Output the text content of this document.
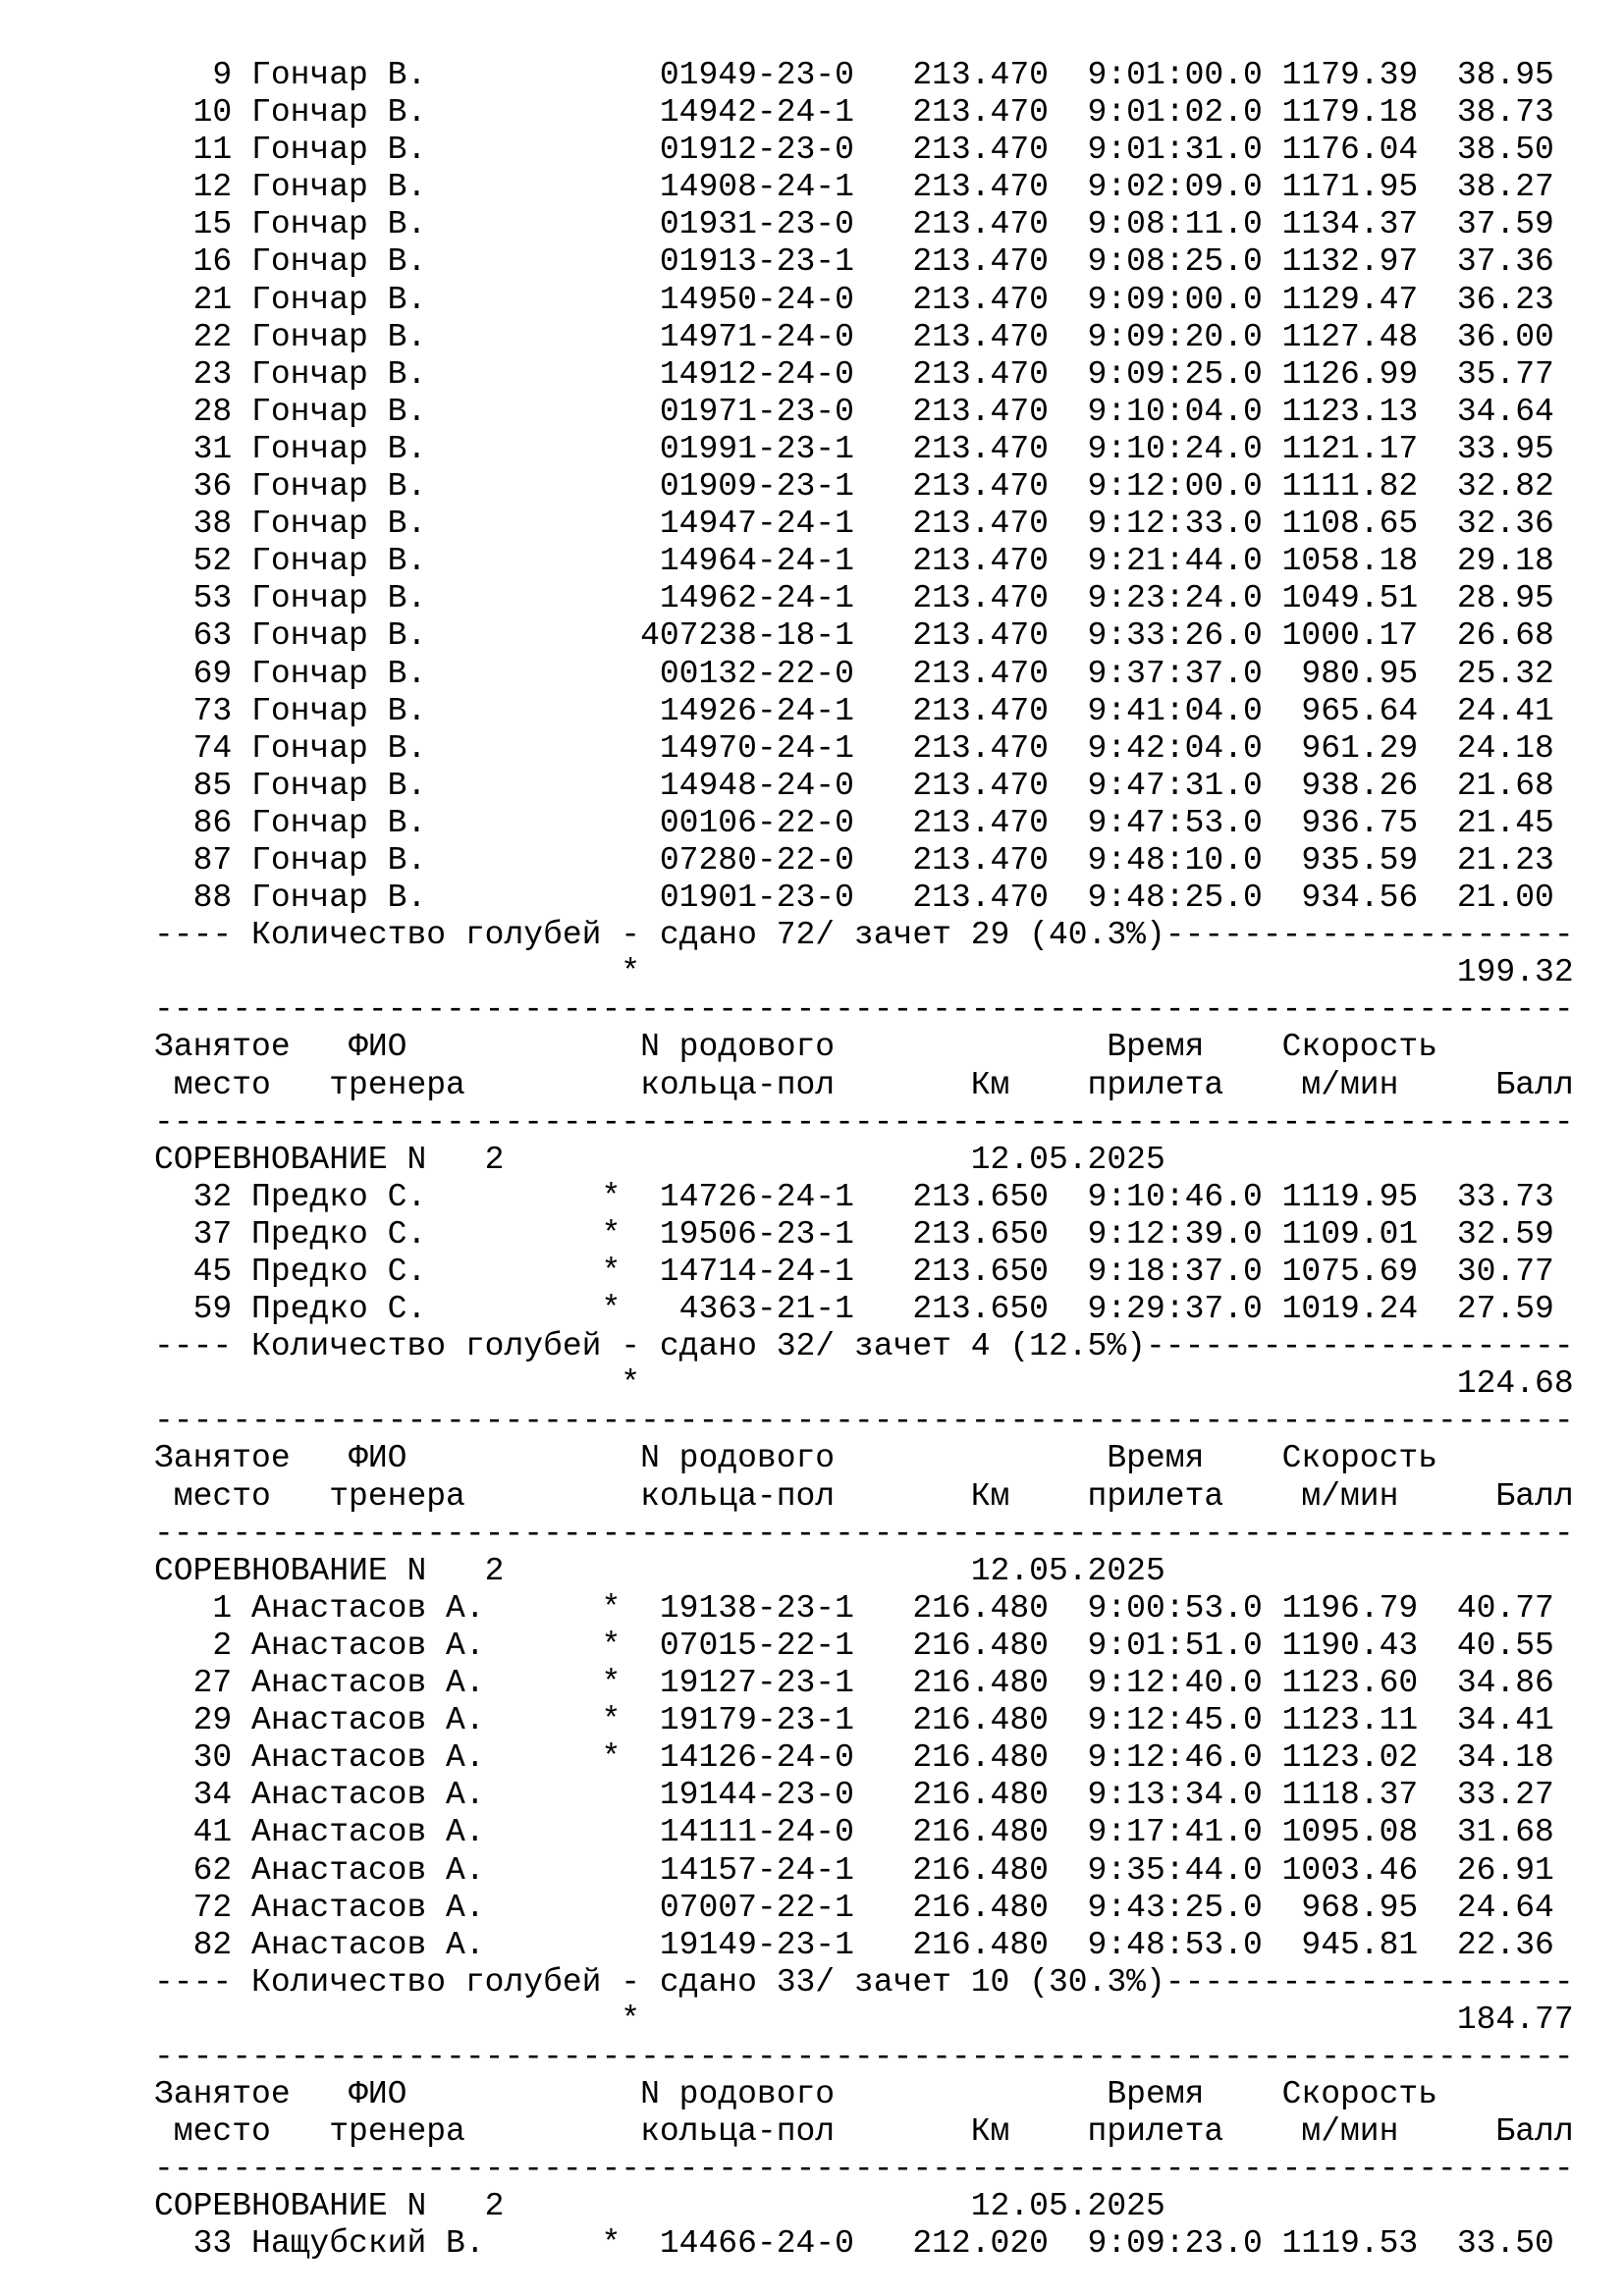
9 Гончар В.            01949-23-0   213.470  9:01:00.0 1179.39  38.95
10 Гончар В.            14942-24-1   213.470  9:01:02.0 1179.18  38.73
11 Гончар В.            01912-23-0   213.470  9:01:31.0 1176.04  38.50
12 Гончар В.            14908-24-1   213.470  9:02:09.0 1171.95  38.27
15 Гончар В.            01931-23-0   213.470  9:08:11.0 1134.37  37.59
16 Гончар В.            01913-23-1   213.470  9:08:25.0 1132.97  37.36
21 Гончар В.            14950-24-0   213.470  9:09:00.0 1129.47  36.23
22 Гончар В.            14971-24-0   213.470  9:09:20.0 1127.48  36.00
23 Гончар В.            14912-24-0   213.470  9:09:25.0 1126.99  35.77
28 Гончар В.            01971-23-0   213.470  9:10:04.0 1123.13  34.64
31 Гончар В.            01991-23-1   213.470  9:10:24.0 1121.17  33.95
36 Гончар В.            01909-23-1   213.470  9:12:00.0 1111.82  32.82
38 Гончар В.            14947-24-1   213.470  9:12:33.0 1108.65  32.36
52 Гончар В.            14964-24-1   213.470  9:21:44.0 1058.18  29.18
53 Гончар В.            14962-24-1   213.470  9:23:24.0 1049.51  28.95
63 Гончар В.           407238-18-1   213.470  9:33:26.0 1000.17  26.68
69 Гончар В.            00132-22-0   213.470  9:37:37.0  980.95  25.32
73 Гончар В.            14926-24-1   213.470  9:41:04.0  965.64  24.41
74 Гончар В.            14970-24-1   213.470  9:42:04.0  961.29  24.18
85 Гончар В.            14948-24-0   213.470  9:47:31.0  938.26  21.68
86 Гончар В.            00106-22-0   213.470  9:47:53.0  936.75  21.45
87 Гончар В.            07280-22-0   213.470  9:48:10.0  935.59  21.23
88 Гончар В.            01901-23-0   213.470  9:48:25.0  934.56  21.00
---- Количество голубей - сдано 72/ зачет 29 (40.3%)---------------------
*                                          199.32
-------------------------------------------------------------------------
Занятое   ФИО            N родового              Время    Скорость
место   тренера         кольца-пол       Км    прилета    м/мин     Балл
-------------------------------------------------------------------------
СОРЕВНОВАНИЕ N   2                        12.05.2025
32 Предко С.         *  14726-24-1   213.650  9:10:46.0 1119.95  33.73
37 Предко С.         *  19506-23-1   213.650  9:12:39.0 1109.01  32.59
45 Предко С.         *  14714-24-1   213.650  9:18:37.0 1075.69  30.77
59 Предко С.         *   4363-21-1   213.650  9:29:37.0 1019.24  27.59
---- Количество голубей - сдано 32/ зачет 4 (12.5%)----------------------
*                                          124.68
-------------------------------------------------------------------------
Занятое   ФИО            N родового              Время    Скорость
место   тренера         кольца-пол       Км    прилета    м/мин     Балл
-------------------------------------------------------------------------
СОРЕВНОВАНИЕ N   2                        12.05.2025
1 Анастасов А.      *  19138-23-1   216.480  9:00:53.0 1196.79  40.77
2 Анастасов А.      *  07015-22-1   216.480  9:01:51.0 1190.43  40.55
27 Анастасов А.      *  19127-23-1   216.480  9:12:40.0 1123.60  34.86
29 Анастасов А.      *  19179-23-1   216.480  9:12:45.0 1123.11  34.41
30 Анастасов А.      *  14126-24-0   216.480  9:12:46.0 1123.02  34.18
34 Анастасов А.         19144-23-0   216.480  9:13:34.0 1118.37  33.27
41 Анастасов А.         14111-24-0   216.480  9:17:41.0 1095.08  31.68
62 Анастасов А.         14157-24-1   216.480  9:35:44.0 1003.46  26.91
72 Анастасов А.         07007-22-1   216.480  9:43:25.0  968.95  24.64
82 Анастасов А.         19149-23-1   216.480  9:48:53.0  945.81  22.36
---- Количество голубей - сдано 33/ зачет 10 (30.3%)---------------------
*                                          184.77
-------------------------------------------------------------------------
Занятое   ФИО            N родового              Время    Скорость
место   тренера         кольца-пол       Км    прилета    м/мин     Балл
-------------------------------------------------------------------------
СОРЕВНОВАНИЕ N   2                        12.05.2025
33 Нащубский В.      *  14466-24-0   212.020  9:09:23.0 1119.53  33.50
